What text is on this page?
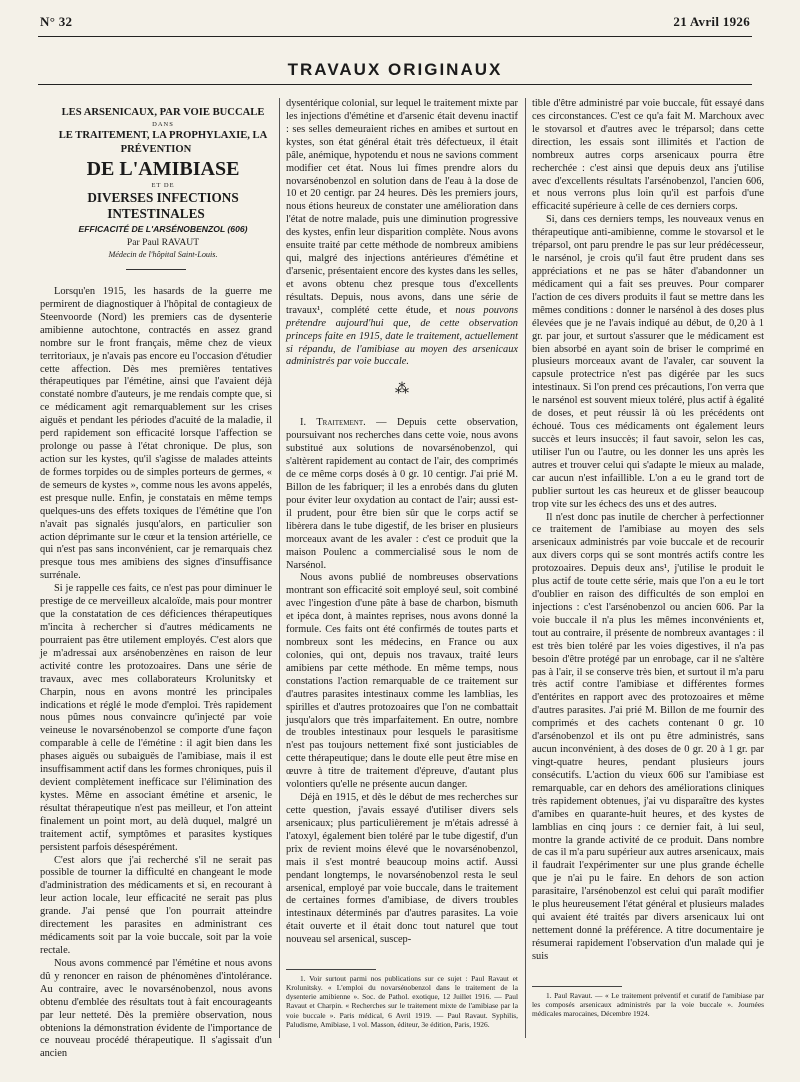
N° 32	21 Avril 1926
TRAVAUX ORIGINAUX

LES ARSENICAUX, PAR VOIE BUCCALE

DANS

LE TRAITEMENT, LA PROPHYLAXIE, LA PRÉVENTION

DE L'AMIBIASE

ET DE

DIVERSES INFECTIONS INTESTINALES

EFFICACITÉ DE L'ARSÉNOBENZOL (606)

Par Paul RAVAUT

Médecin de l'hôpital Saint-Louis.

Lorsqu'en 1915, les hasards de la guerre me permirent de diagnostiquer à l'hôpital de contagieux de Steenvoorde (Nord) les premiers cas de dysenterie amibienne autochtone, contractés en assez grand nombre sur le front français, même chez de vieux territoriaux, je n'avais pas encore eu l'occasion d'étudier cette affection. Dès mes premières tentatives thérapeutiques par l'émétine, ainsi que l'avaient déjà constaté nombre d'auteurs, je me rendais compte que, si ce médicament agit remarquablement sur les crises aiguës et pendant les périodes d'acuité de la maladie, il perd rapidement son efficacité lorsque l'affection se prolonge ou passe à l'état chronique. De plus, son action sur les kystes, qu'il s'agisse de malades atteints de formes torpides ou de simples porteurs de germes, « de semeurs de kystes », comme nous les avons appelés, est presque nulle. Enfin, je constatais en même temps quelques-uns des effets toxiques de l'émétine que l'on n'avait pas signalés jusqu'alors, en particulier son action déprimante sur le cœur et la tension artérielle, ce qui n'est pas sans inconvénient, car je remarquais chez presque tous mes amibiens des signes d'insuffisance surrénale.

Si je rappelle ces faits, ce n'est pas pour diminuer le prestige de ce merveilleux alcaloïde, mais pour montrer que la constatation de ces déficiences thérapeutiques m'incita à rechercher si d'autres médicaments ne pourraient pas être utilement employés. C'est alors que je m'adressai aux arsénobenzènes en raison de leur activité contre les protozoaires. Dans une série de travaux, avec mes collaborateurs Krolunitsky et Charpin, nous en avons montré les principales indications et réglé le mode d'emploi. Très rapidement nous pûmes nous convaincre qu'injecté par voie veineuse le novarsénobenzol se comporte d'une façon comparable à celle de l'émétine : il agit bien dans les phases aiguës ou subaiguës de l'amibiase, mais il est insuffisamment actif dans les formes chroniques, puis il devient complètement inefficace sur l'élimination des kystes. Même en associant émétine et arsenic, le résultat thérapeutique n'est pas meilleur, et l'on atteint finalement un point mort, au delà duquel, malgré un traitement actif, symptômes et parasites kystiques persistent parfois désespérément.

C'est alors que j'ai recherché s'il ne serait pas possible de tourner la difficulté en changeant le mode d'administration des médicaments et si, en recourant à leur action locale, leur efficacité ne serait pas plus grande. J'ai pensé que l'on pourrait atteindre directement les parasites en administrant ces médicaments soit par la voie buccale, soit par la voie rectale.

Nous avons commencé par l'émétine et nous avons dû y renoncer en raison de phénomènes d'intolérance. Au contraire, avec le novarsénobenzol, nous avons obtenu d'emblée des résultats tout à fait encourageants par leur netteté. Dès la première observation, nous obtenions la démonstration évidente de l'importance de ce nouveau procédé thérapeutique. Il s'agissait d'un ancien

dysentérique colonial, sur lequel le traitement mixte par les injections d'émétine et d'arsenic était devenu inactif : ses selles demeuraient riches en amibes et surtout en kystes, son état général était très défectueux, il était pâle, anémique, hypotendu et nous ne savions comment modifier cet état. Nous lui fîmes prendre alors du novarsénobenzol en solution dans de l'eau à la dose de 10 et 20 centigr. par 24 heures. Dès les premiers jours, nous étions heureux de constater une amélioration dans l'état de notre malade, puis une diminution progressive des kystes, enfin leur disparition complète. Nous avons ensuite traité par cette méthode de nombreux amibiens qui, malgré des injections antérieures d'émétine et d'arsenic, présentaient encore des kystes dans les selles, et avons obtenu chez presque tous d'excellents résultats. Depuis, nous avons, dans une série de travaux¹, complété cette étude, et nous pouvons prétendre aujourd'hui que, de cette observation princeps faite en 1915, date le traitement, actuellement si répandu, de l'amibiase au moyen des arsenicaux administrés par voie buccale.

⁂

I. Traitement. — Depuis cette observation, poursuivant nos recherches dans cette voie, nous avons substitué aux solutions de novarsénobenzol, qui s'altèrent rapidement au contact de l'air, des comprimés de ce même corps dosés à 0 gr. 10 centigr. J'ai prié M. Billon de les fabriquer; il les a enrobés dans du gluten pour éviter leur oxydation au contact de l'air; aussi est-il prudent, pour être bien sûr que le corps actif se libèrera dans le tube digestif, de les briser en plusieurs morceaux avant de les avaler : c'est ce produit que la maison Poulenc a commercialisé sous le nom de Narsénol.

Nous avons publié de nombreuses observations montrant son efficacité soit employé seul, soit combiné avec l'ingestion d'une pâte à base de charbon, bismuth et ipéca dont, à maintes reprises, nous avons donné la formule. Ces faits ont été confirmés de toutes parts et nombreux sont les médecins, en France ou aux colonies, qui ont, depuis nos travaux, traité leurs amibiens par cette méthode. En même temps, nous constations l'action remarquable de ce traitement sur d'autres parasites intestinaux comme les lamblias, les spirilles et d'autres protozoaires que l'on ne combattait jusqu'alors que très imparfaitement. En outre, nombre de troubles intestinaux pour lesquels le parasitisme n'est pas toujours nettement fixé sont justiciables de cette thérapeutique; dans le doute elle peut être mise en œuvre à titre de traitement d'épreuve, d'autant plus volontiers qu'elle ne présente aucun danger.

Déjà en 1915, et dès le début de mes recherches sur cette question, j'avais essayé d'utiliser divers sels arsenicaux; plus particulièrement je m'étais adressé à l'atoxyl, également bien toléré par le tube digestif, d'un prix de revient moins élevé que le novarsénobenzol, mais il s'est montré beaucoup moins actif. Aussi pendant longtemps, le novarsénobenzol resta le seul arsenical, employé par voie buccale, dans le traitement de certaines formes d'amibiase, de divers troubles intestinaux déterminés par d'autres parasites. La voie était ouverte et il était donc tout naturel que tout nouveau sel arsenical, suscep-

1. Voir surtout parmi nos publications sur ce sujet : Paul Ravaut et Krolunitsky. « L'emploi du novarsénobenzol dans le traitement de la dysenterie amibienne ». Soc. de Pathol. exotique, 12 Juillet 1916. — Paul Ravaut et Charpin. « Recherches sur le traitement mixte de l'amibiase par la voie buccale ». Paris médical, 6 Avril 1919. — Paul Ravaut. Syphilis, Paludisme, Amibiase, 1 vol. Masson, éditeur, 3e édition, Paris, 1926.

tible d'être administré par voie buccale, fût essayé dans ces circonstances. C'est ce qu'a fait M. Marchoux avec le stovarsol et d'autres avec le tréparsol; dans cette direction, les essais sont illimités et l'action de nombreux autres corps arsenicaux pourra être recherchée : c'est ainsi que depuis deux ans j'utilise avec d'excellents résultats l'arsénobenzol, l'ancien 606, et nous verrons plus loin qu'il est parfois d'une efficacité supérieure à celle de ces derniers corps.

Si, dans ces derniers temps, les nouveaux venus en thérapeutique anti-amibienne, comme le stovarsol et le tréparsol, ont paru prendre le pas sur leur prédécesseur, le narsénol, je crois qu'il faut être prudent dans ses appréciations et ne pas se hâter d'abandonner un médicament qui a fait ses preuves. Pour comparer l'action de ces divers produits il faut se mettre dans les mêmes conditions : donner le narsénol à des doses plus élevées que je ne l'avais indiqué au début, de 0,20 à 1 gr. par jour, et surtout s'assurer que le médicament est bien absorbé en ayant soin de briser le comprimé en plusieurs morceaux avant de l'avaler, car souvent la capsule protectrice n'est pas digérée par les sucs intestinaux. Si l'on prend ces précautions, l'on verra que le narsénol est souvent mieux toléré, plus actif à égalité de doses, et peut réussir là où les précédents ont échoué. Tous ces médicaments ont également leurs succès et leurs insuccès; il faut savoir, selon les cas, utiliser l'un ou l'autre, ou les donner les uns après les autres et trouver celui qui s'adapte le mieux au malade, car aucun n'est infaillible. L'on a eu le grand tort de publier surtout les cas heureux et de glisser beaucoup trop vite sur les échecs des uns et des autres.

Il n'est donc pas inutile de chercher à perfectionner ce traitement de l'amibiase au moyen des sels arsenicaux administrés par voie buccale et de recourir aux divers corps qui se sont montrés actifs contre les protozoaires. Depuis deux ans¹, j'utilise le produit le plus actif de toute cette série, mais que l'on a eu le tort d'oublier en raison des difficultés de son emploi en injections : c'est l'arsénobenzol ou ancien 606. Par la voie buccale il n'a plus les mêmes inconvénients et, tout au contraire, il présente de nombreux avantages : il est très bien toléré par les voies digestives, il n'a pas besoin d'être protégé par un enrobage, car il ne s'altère pas à l'air, il se conserve très bien, et surtout il m'a paru très actif contre l'amibiase et différentes formes d'entérites en rapport avec des protozoaires et même d'autres parasites. J'ai prié M. Billon de me fournir des comprimés et des cachets contenant 0 gr. 10 d'arsénobenzol et ils ont pu être administrés, sans aucun inconvénient, à des doses de 0 gr. 20 à 1 gr. par vingt-quatre heures, pendant plusieurs jours consécutifs. L'action du vieux 606 sur l'amibiase est remarquable, car en dehors des améliorations cliniques très rapidement obtenues, j'ai vu disparaître des kystes d'amibes en quarante-huit heures, et des kystes de lamblias en cinq jours : ce dernier fait, à lui seul, montre la grande activité de ce produit. Dans nombre de cas il m'a paru supérieur aux autres arsenicaux, mais il faudrait l'expérimenter sur une plus grande échelle que je n'ai pu le faire. En dehors de son action parasitaire, l'arsénobenzol est celui qui paraît modifier le plus heureusement l'état général et plusieurs malades qui avaient été traités par divers arsenicaux lui ont nettement donné la préférence. A titre documentaire je résumerai rapidement l'observation d'un malade qui je suis

1. Paul Ravaut. — « Le traitement préventif et curatif de l'amibiase par les composés arsenicaux administrés par la voie buccale ». Journées médicales marocaines, Décembre 1924.
